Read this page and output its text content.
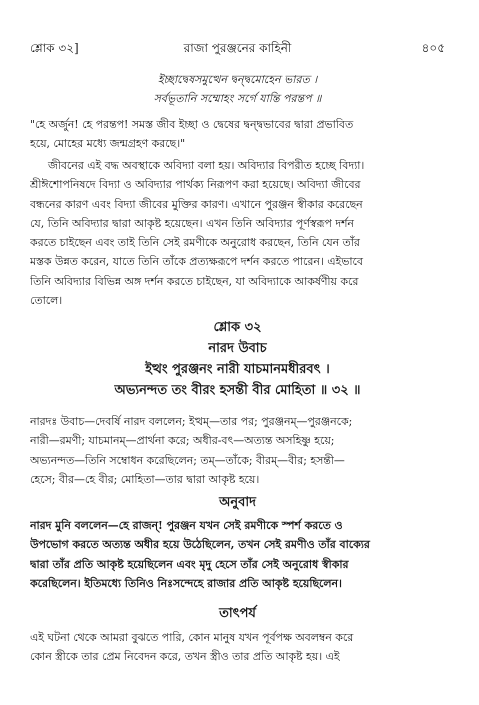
শ্লোক ৩২]	রাজা পুরঞ্জনের কাহিনী	৪০৫
ইচ্ছাদ্বেষসমুত্থেন দ্বন্দ্বমোহেন ভারত ।
সর্বভূতানি সম্মোহং সর্গে যান্তি পরন্তপ ॥
"হে অর্জুন! হে পরন্তপ! সমস্ত জীব ইচ্ছা ও দ্বেষের দ্বন্দ্বভাবের দ্বারা প্রভাবিত
হয়ে, মোহের মধ্যে জন্মগ্রহণ করছে।"
জীবনের এই বদ্ধ অবস্থাকে অবিদ্যা বলা হয়। অবিদ্যার বিপরীত হচ্ছে বিদ্যা।
শ্রীঈশোপনিষদে বিদ্যা ও অবিদ্যার পার্থক্য নিরূপণ করা হয়েছে। অবিদ্যা জীবের
বন্ধনের কারণ এবং বিদ্যা জীবের মুক্তির কারণ। এখানে পুরঞ্জন স্বীকার করেছেন
যে, তিনি অবিদ্যার দ্বারা আকৃষ্ট হয়েছেন। এখন তিনি অবিদ্যার পূর্ণস্বরূপ দর্শন
করতে চাইছেন এবং তাই তিনি সেই রমণীকে অনুরোধ করছেন, তিনি যেন তাঁর
মস্তক উন্নত করেন, যাতে তিনি তাঁকে প্রত্যক্ষরূপে দর্শন করতে পারেন। এইভাবে
তিনি অবিদ্যার বিভিন্ন অঙ্গ দর্শন করতে চাইছেন, যা অবিদ্যাকে আকর্ষণীয় করে
তোলে।
শ্লোক ৩২
নারদ উবাচ
ইত্থং পুরঞ্জনং নারী যাচমানমধীরবৎ ।
অভ্যনন্দত তং বীরং হসন্তী বীর মোহিতা ॥ ৩২ ॥
নারদঃ উবাচ—দেবর্ষি নারদ বললেন; ইত্থম্—তার পর; পুরঞ্জনম্—পুরঞ্জনকে;
নারী—রমণী; যাচমানম্—প্রার্থনা করে; অধীর-বৎ—অত্যন্ত অসহিষ্ণু হয়ে;
অভ্যনন্দত—তিনি সম্বোধন করেছিলেন; তম্—তাঁকে; বীরম্—বীর; হসন্তী—
হেসে; বীর—হে বীর; মোহিতা—তার দ্বারা আকৃষ্ট হয়ে।
অনুবাদ
নারদ মুনি বললেন—হে রাজন্! পুরঞ্জন যখন সেই রমণীকে স্পর্শ করতে ও
উপভোগ করতে অত্যন্ত অধীর হয়ে উঠেছিলেন, তখন সেই রমণীও তাঁর বাক্যের
দ্বারা তাঁর প্রতি আকৃষ্ট হয়েছিলেন এবং মৃদু হেসে তাঁর সেই অনুরোধ স্বীকার
করেছিলেন। ইতিমধ্যে তিনিও নিঃসন্দেহে রাজার প্রতি আকৃষ্ট হয়েছিলেন।
তাৎপর্য
এই ঘটনা থেকে আমরা বুঝতে পারি, কোন মানুষ যখন পূর্বপক্ষ অবলম্বন করে
কোন স্ত্রীকে তার প্রেম নিবেদন করে, তখন স্ত্রীও তার প্রতি আকৃষ্ট হয়। এই
